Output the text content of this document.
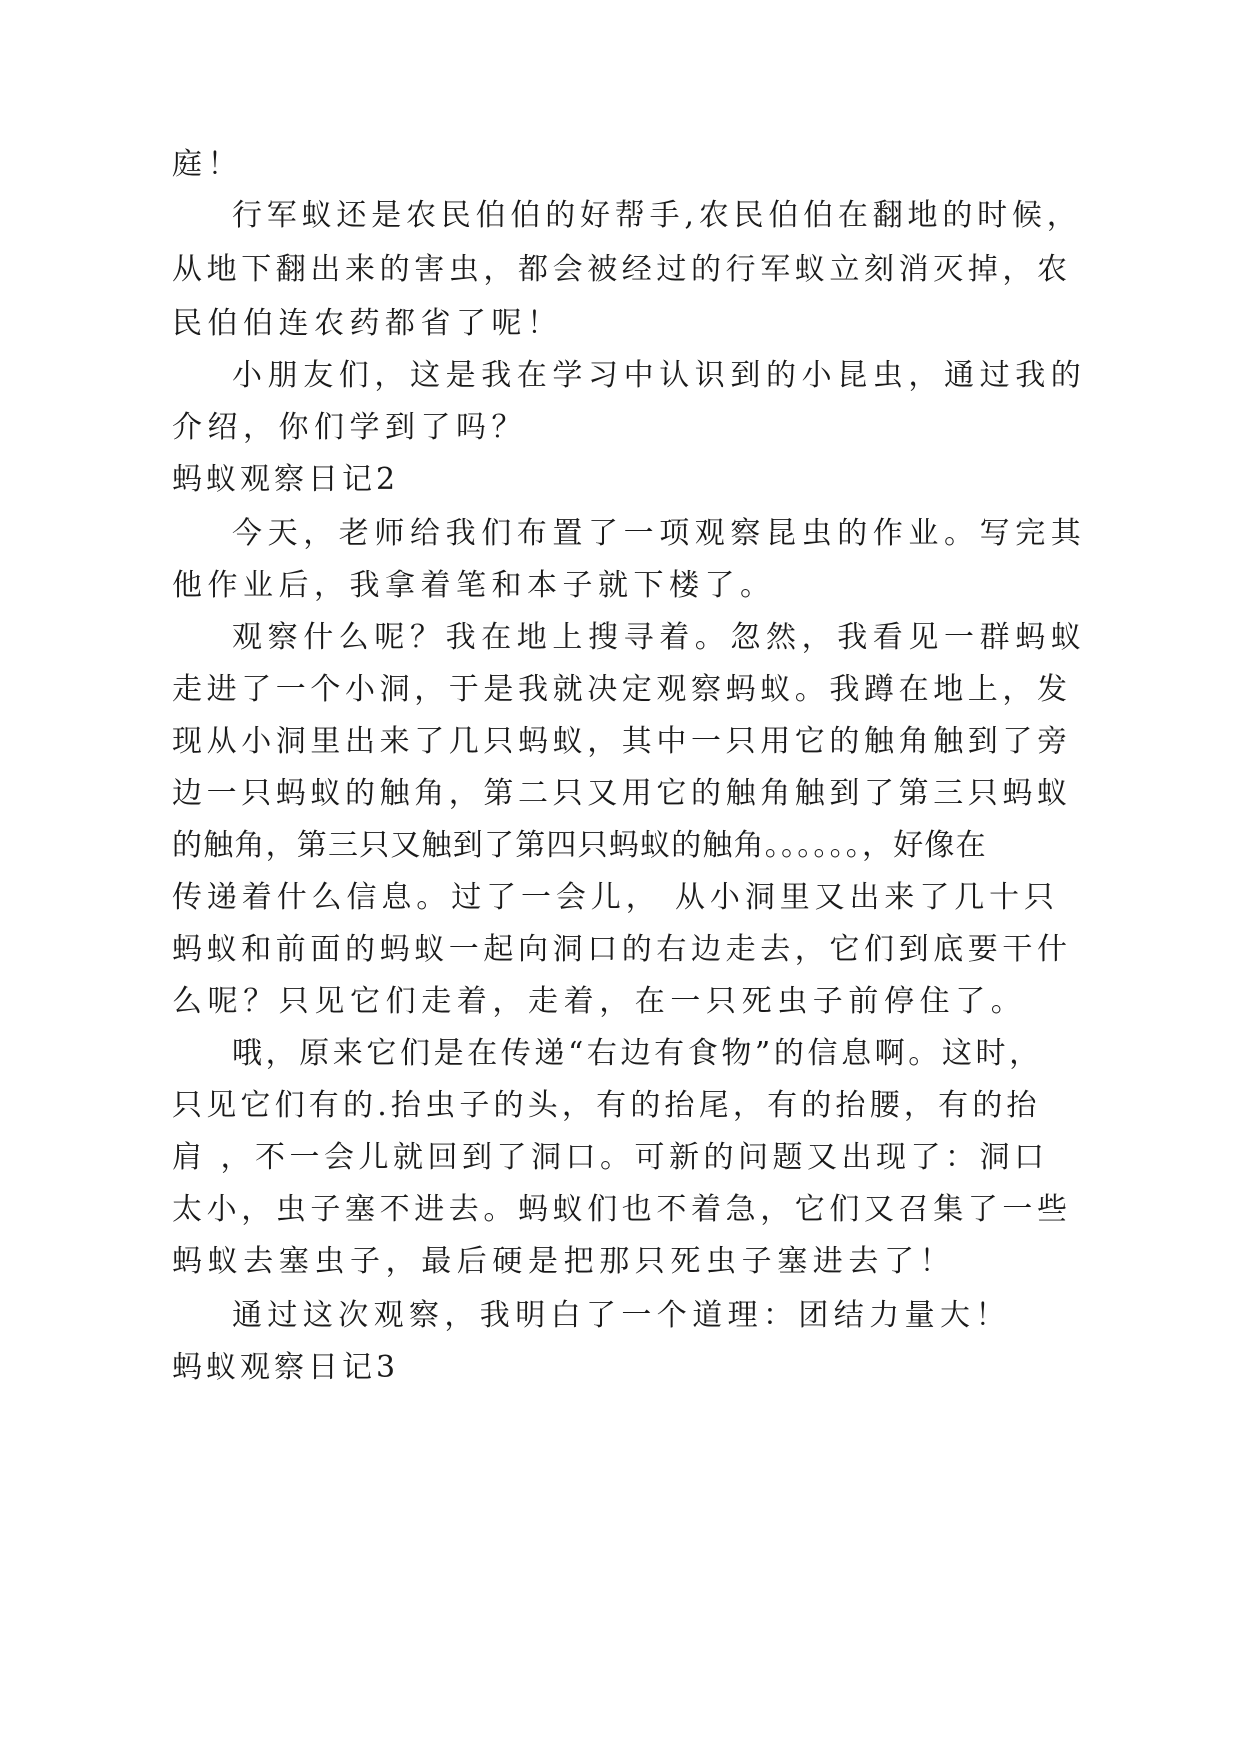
庭！
行军蚁还是农民伯伯的好帮手,农民伯伯在翻地的时候，
从地下翻出来的害虫，都会被经过的行军蚁立刻消灭掉，农
民伯伯连农药都省了呢！
小朋友们，这是我在学习中认识到的小昆虫，通过我的
介绍，你们学到了吗？
蚂蚁观察日记2
今天，老师给我们布置了一项观察昆虫的作业。写完其
他作业后，我拿着笔和本子就下楼了。
观察什么呢？我在地上搜寻着。忽然，我看见一群蚂蚁
走进了一个小洞，于是我就决定观察蚂蚁。我蹲在地上，发
现从小洞里出来了几只蚂蚁，其中一只用它的触角触到了旁
边一只蚂蚁的触角，第二只又用它的触角触到了第三只蚂蚁
的触角，第三只又触到了第四只蚂蚁的触角。。。。。。，好像在
传递着什么信息。过了一会儿， 从小洞里又出来了几十只
蚂蚁和前面的蚂蚁一起向洞口的右边走去，它们到底要干什
么呢？只见它们走着，走着，在一只死虫子前停住了。
哦，原来它们是在传递“右边有食物”的信息啊。这时，
只见它们有的.抬虫子的头，有的抬尾，有的抬腰，有的抬
肩 ，不一会儿就回到了洞口。可新的问题又出现了：洞口
太小，虫子塞不进去。蚂蚁们也不着急，它们又召集了一些
蚂蚁去塞虫子，最后硬是把那只死虫子塞进去了！
通过这次观察，我明白了一个道理：团结力量大！
蚂蚁观察日记3
